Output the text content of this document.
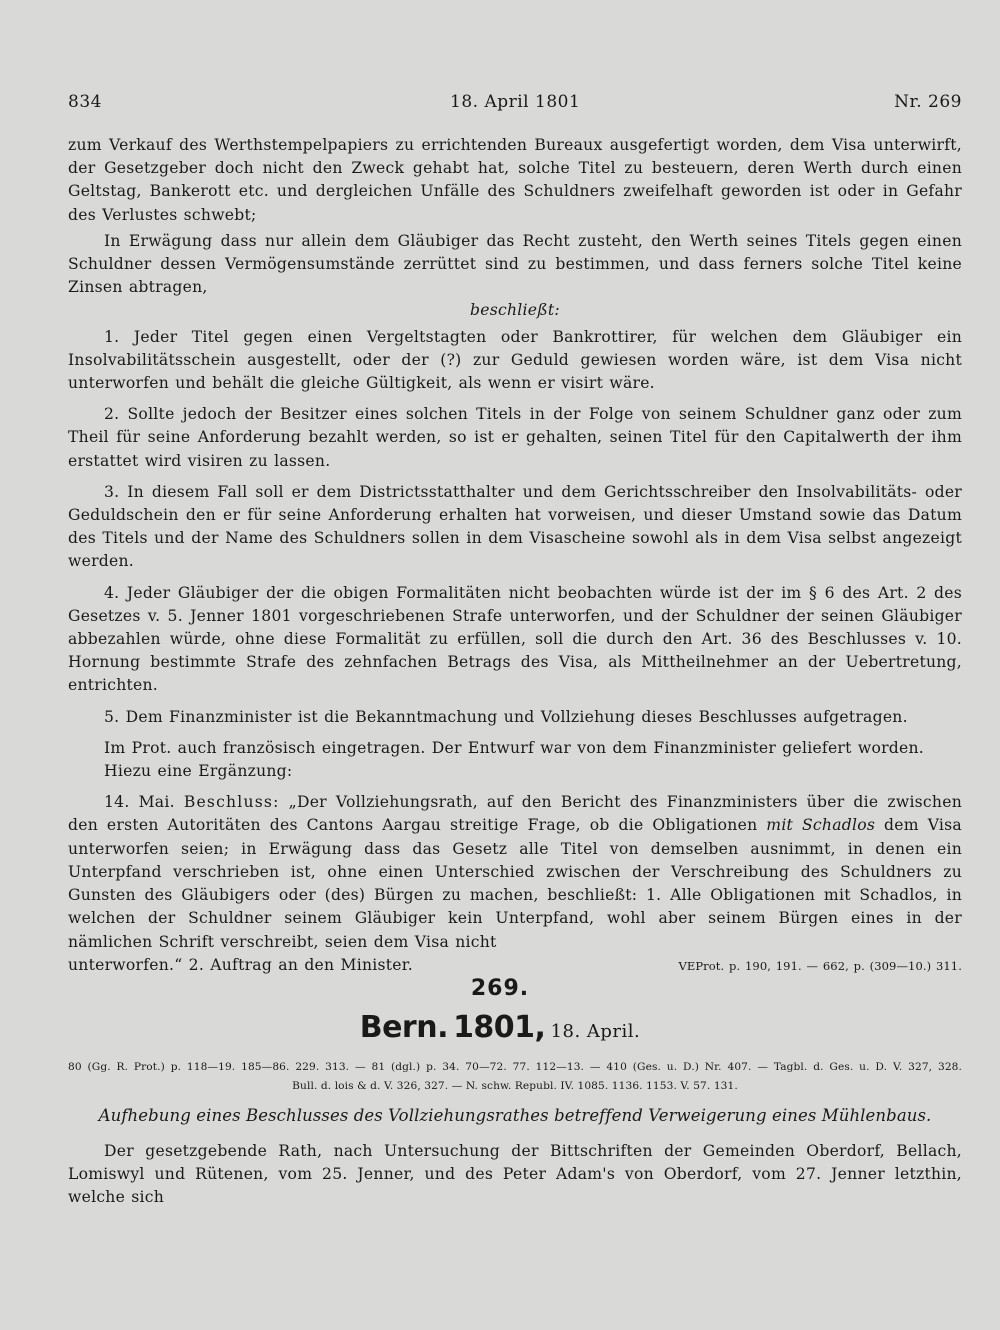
834	18. April 1801	Nr. 269

zum Verkauf des Werthstempelpapiers zu errichtenden Bureaux ausgefertigt worden, dem Visa unterwirft, der Gesetzgeber doch nicht den Zweck gehabt hat, solche Titel zu besteuern, deren Werth durch einen Geltstag, Bankerott etc. und dergleichen Unfälle des Schuldners zweifelhaft geworden ist oder in Gefahr des Verlustes schwebt;

In Erwägung dass nur allein dem Gläubiger das Recht zusteht, den Werth seines Titels gegen einen Schuldner dessen Vermögensumstände zerrüttet sind zu bestimmen, und dass ferners solche Titel keine Zinsen abtragen,

beschließt:

1. Jeder Titel gegen einen Vergeltstagten oder Bankrottirer, für welchen dem Gläubiger ein Insolvabilitätsschein ausgestellt, oder der (?) zur Geduld gewiesen worden wäre, ist dem Visa nicht unterworfen und behält die gleiche Gültigkeit, als wenn er visirt wäre.

2. Sollte jedoch der Besitzer eines solchen Titels in der Folge von seinem Schuldner ganz oder zum Theil für seine Anforderung bezahlt werden, so ist er gehalten, seinen Titel für den Capitalwerth der ihm erstattet wird visiren zu lassen.

3. In diesem Fall soll er dem Districtsstatthalter und dem Gerichtsschreiber den Insolvabilitäts- oder Geduldschein den er für seine Anforderung erhalten hat vorweisen, und dieser Umstand sowie das Datum des Titels und der Name des Schuldners sollen in dem Visascheine sowohl als in dem Visa selbst angezeigt werden.

4. Jeder Gläubiger der die obigen Formalitäten nicht beobachten würde ist der im § 6 des Art. 2 des Gesetzes v. 5. Jenner 1801 vorgeschriebenen Strafe unterworfen, und der Schuldner der seinen Gläubiger abbezahlen würde, ohne diese Formalität zu erfüllen, soll die durch den Art. 36 des Beschlusses v. 10. Hornung bestimmte Strafe des zehnfachen Betrags des Visa, als Mittheilnehmer an der Uebertretung, entrichten.

5. Dem Finanzminister ist die Bekanntmachung und Vollziehung dieses Beschlusses aufgetragen.

Im Prot. auch französisch eingetragen. Der Entwurf war von dem Finanzminister geliefert worden.

Hiezu eine Ergänzung:

14. Mai. Beschluss: „Der Vollziehungsrath, auf den Bericht des Finanzministers über die zwischen den ersten Autoritäten des Cantons Aargau streitige Frage, ob die Obligationen mit Schadlos dem Visa unterworfen seien; in Erwägung dass das Gesetz alle Titel von demselben ausnimmt, in denen ein Unterpfand verschrieben ist, ohne einen Unterschied zwischen der Verschreibung des Schuldners zu Gunsten des Gläubigers oder (des) Bürgen zu machen, beschließt: 1. Alle Obligationen mit Schadlos, in welchen der Schuldner seinem Gläubiger kein Unterpfand, wohl aber seinem Bürgen eines in der nämlichen Schrift verschreibt, seien dem Visa nicht

unterworfen.“ 2. Auftrag an den Minister.	VEProt. p. 190, 191. — 662, p. (309—10.) 311.
269.
Bern. 1801, 18. April.
80 (Gg. R. Prot.) p. 118—19. 185—86. 229. 313. — 81 (dgl.) p. 34. 70—72. 77. 112—13. — 410 (Ges. u. D.) Nr. 407. — Tagbl. d. Ges. u. D. V. 327, 328.
Bull. d. lois & d. V. 326, 327. — N. schw. Republ. IV. 1085. 1136. 1153. V. 57. 131.
Aufhebung eines Beschlusses des Vollziehungsrathes betreffend Verweigerung eines Mühlenbaus.

Der gesetzgebende Rath, nach Untersuchung der Bittschriften der Gemeinden Oberdorf, Bellach, Lomiswyl und Rütenen, vom 25. Jenner, und des Peter Adam's von Oberdorf, vom 27. Jenner letzthin, welche sich
